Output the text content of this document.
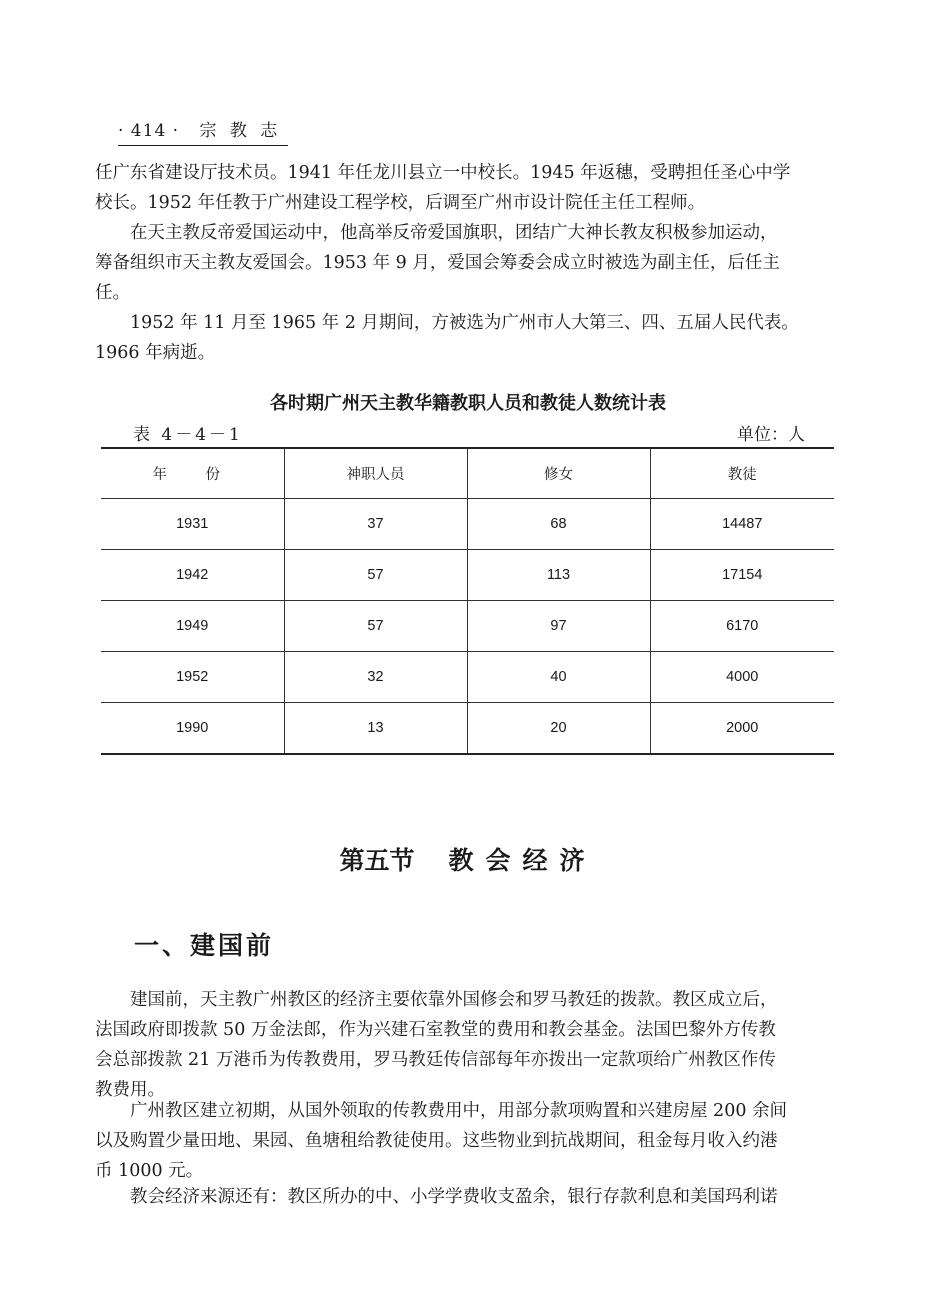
· 414 · 宗 教 志

任广东省建设厅技术员。1941 年任龙川县立一中校长。1945 年返穗，受聘担任圣心中学
校长。1952 年任教于广州建设工程学校，后调至广州市设计院任主任工程师。

在天主教反帝爱国运动中，他高举反帝爱国旗职，团结广大神长教友积极参加运动，
筹备组织市天主教友爱国会。1953 年 9 月，爱国会筹委会成立时被选为副主任，后任主
任。

1952 年 11 月至 1965 年 2 月期间，方被选为广州市人大第三、四、五届人民代表。
1966 年病逝。

各时期广州天主教华籍教职人员和教徒人数统计表
表 4－4－1	单位：人
年　份	神职人员	修女	教徒
1931	37	68	14487
1942	57	113	17154
1949	57	97	6170
1952	32	40	4000
1990	13	20	2000
第五节 教会经济
一、建国前

建国前，天主教广州教区的经济主要依靠外国修会和罗马教廷的拨款。教区成立后，
法国政府即拨款 50 万金法郎，作为兴建石室教堂的费用和教会基金。法国巴黎外方传教
会总部拨款 21 万港币为传教费用，罗马教廷传信部每年亦拨出一定款项给广州教区作传
教费用。

广州教区建立初期，从国外领取的传教费用中，用部分款项购置和兴建房屋 200 余间
以及购置少量田地、果园、鱼塘租给教徒使用。这些物业到抗战期间，租金每月收入约港
币 1000 元。

教会经济来源还有：教区所办的中、小学学费收支盈余，银行存款利息和美国玛利诺
